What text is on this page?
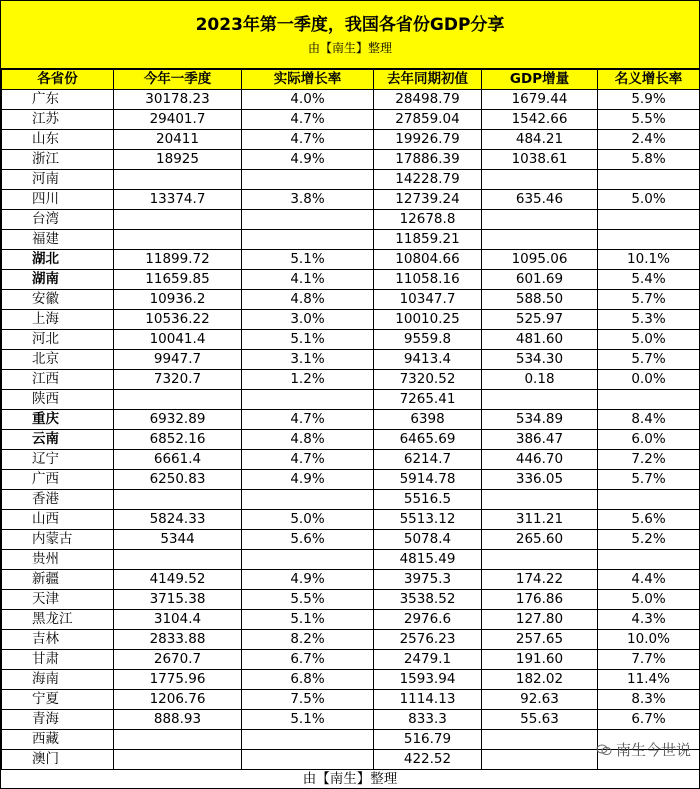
2023年第一季度，我国各省份GDP分享
由【南生】整理
各省份	今年一季度	实际增长率	去年同期初值	GDP增量	名义增长率
广东	30178.23	4.0%	28498.79	1679.44	5.9%
江苏	29401.7	4.7%	27859.04	1542.66	5.5%
山东	20411	4.7%	19926.79	484.21	2.4%
浙江	18925	4.9%	17886.39	1038.61	5.8%
河南			14228.79		
四川	13374.7	3.8%	12739.24	635.46	5.0%
台湾			12678.8		
福建			11859.21		
湖北	11899.72	5.1%	10804.66	1095.06	10.1%
湖南	11659.85	4.1%	11058.16	601.69	5.4%
安徽	10936.2	4.8%	10347.7	588.50	5.7%
上海	10536.22	3.0%	10010.25	525.97	5.3%
河北	10041.4	5.1%	9559.8	481.60	5.0%
北京	9947.7	3.1%	9413.4	534.30	5.7%
江西	7320.7	1.2%	7320.52	0.18	0.0%
陕西			7265.41		
重庆	6932.89	4.7%	6398	534.89	8.4%
云南	6852.16	4.8%	6465.69	386.47	6.0%
辽宁	6661.4	4.7%	6214.7	446.70	7.2%
广西	6250.83	4.9%	5914.78	336.05	5.7%
香港			5516.5		
山西	5824.33	5.0%	5513.12	311.21	5.6%
内蒙古	5344	5.6%	5078.4	265.60	5.2%
贵州			4815.49		
新疆	4149.52	4.9%	3975.3	174.22	4.4%
天津	3715.38	5.5%	3538.52	176.86	5.0%
黑龙江	3104.4	5.1%	2976.6	127.80	4.3%
吉林	2833.88	8.2%	2576.23	257.65	10.0%
甘肃	2670.7	6.7%	2479.1	191.60	7.7%
海南	1775.96	6.8%	1593.94	182.02	11.4%
宁夏	1206.76	7.5%	1114.13	92.63	8.3%
青海	888.93	5.1%	833.3	55.63	6.7%
西藏			516.79		
澳门			422.52		
由【南生】整理
南生今世说
